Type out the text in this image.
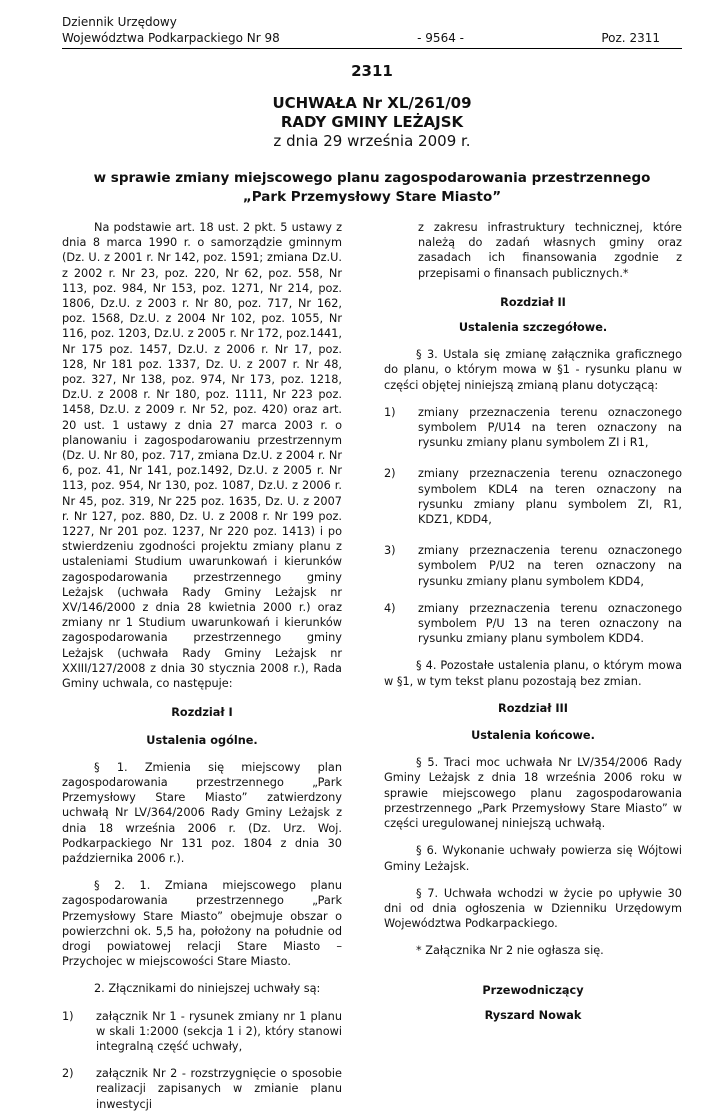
Dziennik Urzędowy
Województwa Podkarpackiego Nr 98	- 9564 -	Poz. 2311
2311
UCHWAŁA Nr XL/261/09
RADY GMINY LEŻAJSK
z dnia 29 września 2009 r.
w sprawie zmiany miejscowego planu zagospodarowania przestrzennego „Park Przemysłowy Stare Miasto”

Na podstawie art. 18 ust. 2 pkt. 5 ustawy z dnia 8 marca 1990 r. o samorządzie gminnym (Dz. U. z 2001 r. Nr 142, poz. 1591; zmiana Dz.U. z 2002 r. Nr 23, poz. 220, Nr 62, poz. 558, Nr 113, poz. 984, Nr 153, poz. 1271, Nr 214, poz. 1806, Dz.U. z 2003 r. Nr 80, poz. 717, Nr 162, poz. 1568, Dz.U. z 2004 Nr 102, poz. 1055, Nr 116, poz. 1203, Dz.U. z 2005 r. Nr 172, poz.1441, Nr 175 poz. 1457, Dz.U. z 2006 r. Nr 17, poz. 128, Nr 181 poz. 1337, Dz. U. z 2007 r. Nr 48, poz. 327, Nr 138, poz. 974, Nr 173, poz. 1218, Dz.U. z 2008 r. Nr 180, poz. 1111, Nr 223 poz. 1458, Dz.U. z 2009 r. Nr 52, poz. 420) oraz art. 20 ust. 1 ustawy z dnia 27 marca 2003 r. o planowaniu i zagospodarowaniu przestrzennym (Dz. U. Nr 80, poz. 717, zmiana Dz.U. z 2004 r. Nr 6, poz. 41, Nr 141, poz.1492, Dz.U. z 2005 r. Nr 113, poz. 954, Nr 130, poz. 1087, Dz.U. z 2006 r. Nr 45, poz. 319, Nr 225 poz. 1635, Dz. U. z 2007 r. Nr 127, poz. 880, Dz. U. z 2008 r. Nr 199 poz. 1227, Nr 201 poz. 1237, Nr 220 poz. 1413) i po stwierdzeniu zgodności projektu zmiany planu z ustaleniami Studium uwarunkowań i kierunków zagospodarowania przestrzennego gminy Leżajsk (uchwała Rady Gminy Leżajsk nr XV/146/2000 z dnia 28 kwietnia 2000 r.) oraz zmiany nr 1 Studium uwarunkowań i kierunków zagospodarowania przestrzennego gminy Leżajsk (uchwała Rady Gminy Leżajsk nr XXIII/127/2008 z dnia 30 stycznia 2008 r.), Rada Gminy uchwala, co następuje:

Rozdział I

Ustalenia ogólne.

§ 1. Zmienia się miejscowy plan zagospodarowania przestrzennego „Park Przemysłowy Stare Miasto” zatwierdzony uchwałą Nr LV/364/2006 Rady Gminy Leżajsk z dnia 18 września 2006 r. (Dz. Urz. Woj. Podkarpackiego Nr 131 poz. 1804 z dnia 30 października 2006 r.).

§ 2. 1. Zmiana miejscowego planu zagospodarowania przestrzennego „Park Przemysłowy Stare Miasto” obejmuje obszar o powierzchni ok. 5,5 ha, położony na południe od drogi powiatowej relacji Stare Miasto – Przychojec w miejscowości Stare Miasto.

2. Złącznikami do niniejszej uchwały są:

1)	załącznik Nr 1 - rysunek zmiany nr 1 planu w skali 1:2000 (sekcja 1 i 2), który stanowi integralną część uchwały,
2)	załącznik Nr 2 - rozstrzygnięcie o sposobie realizacji zapisanych w zmianie planu inwestycji

z zakresu infrastruktury technicznej, które należą do zadań własnych gminy oraz zasadach ich finansowania zgodnie z przepisami o finansach publicznych.*

Rozdział II

Ustalenia szczegółowe.

§ 3. Ustala się zmianę załącznika graficznego do planu, o którym mowa w §1 - rysunku planu w części objętej niniejszą zmianą planu dotyczącą:

1)	zmiany przeznaczenia terenu oznaczonego symbolem P/U14 na teren oznaczony na rysunku zmiany planu symbolem ZI i R1,
2)	zmiany przeznaczenia terenu oznaczonego symbolem KDL4 na teren oznaczony na rysunku zmiany planu symbolem ZI, R1, KDZ1, KDD4,
3)	zmiany przeznaczenia terenu oznaczonego symbolem P/U2 na teren oznaczony na rysunku zmiany planu symbolem KDD4,
4)	zmiany przeznaczenia terenu oznaczonego symbolem P/U 13 na teren oznaczony na rysunku zmiany planu symbolem KDD4.

§ 4. Pozostałe ustalenia planu, o którym mowa w §1, w tym tekst planu pozostają bez zmian.

Rozdział III

Ustalenia końcowe.

§ 5. Traci moc uchwała Nr LV/354/2006 Rady Gminy Leżajsk z dnia 18 września 2006 roku w sprawie miejscowego planu zagospodarowania przestrzennego „Park Przemysłowy Stare Miasto” w części uregulowanej niniejszą uchwałą.

§ 6. Wykonanie uchwały powierza się Wójtowi Gminy Leżajsk.

§ 7. Uchwała wchodzi w życie po upływie 30 dni od dnia ogłoszenia w Dzienniku Urzędowym Województwa Podkarpackiego.

* Załącznika Nr 2 nie ogłasza się.

Przewodniczący

Ryszard Nowak
